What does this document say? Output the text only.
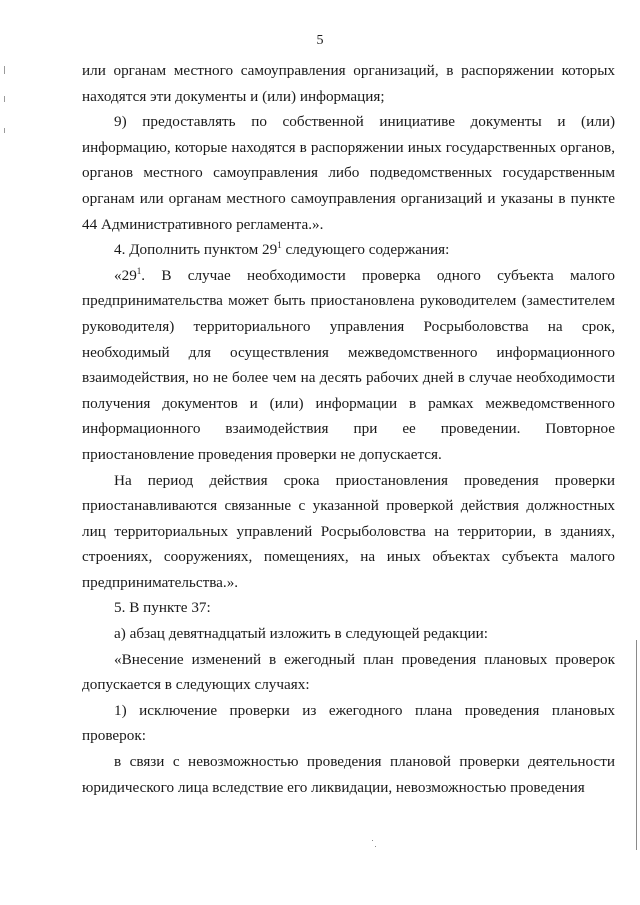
5

или органам местного самоуправления организаций, в распоряжении которых находятся эти документы и (или) информация;

9) предоставлять по собственной инициативе документы и (или) информацию, которые находятся в распоряжении иных государственных органов, органов местного самоуправления либо подведомственных государственным органам или органам местного самоуправления организаций и указаны в пункте 44 Административного регламента.».

4. Дополнить пунктом $29^1$ следующего содержания:

«$29^1$. В случае необходимости проверка одного субъекта малого предпринимательства может быть приостановлена руководителем (заместителем руководителя) территориального управления Росрыболовства на срок, необходимый для осуществления межведомственного информационного взаимодействия, но не более чем на десять рабочих дней в случае необходимости получения документов и (или) информации в рамках межведомственного информационного взаимодействия при ее проведении. Повторное приостановление проведения проверки не допускается.

На период действия срока приостановления проведения проверки приостанавливаются связанные с указанной проверкой действия должностных лиц территориальных управлений Росрыболовства на территории, в зданиях, строениях, сооружениях, помещениях, на иных объектах субъекта малого предпринимательства.».

5. В пункте 37:

а) абзац девятнадцатый изложить в следующей редакции:

«Внесение изменений в ежегодный план проведения плановых проверок допускается в следующих случаях:

1) исключение проверки из ежегодного плана проведения плановых проверок:

в связи с невозможностью проведения плановой проверки деятельности юридического лица вследствие его ликвидации, невозможностью проведения
